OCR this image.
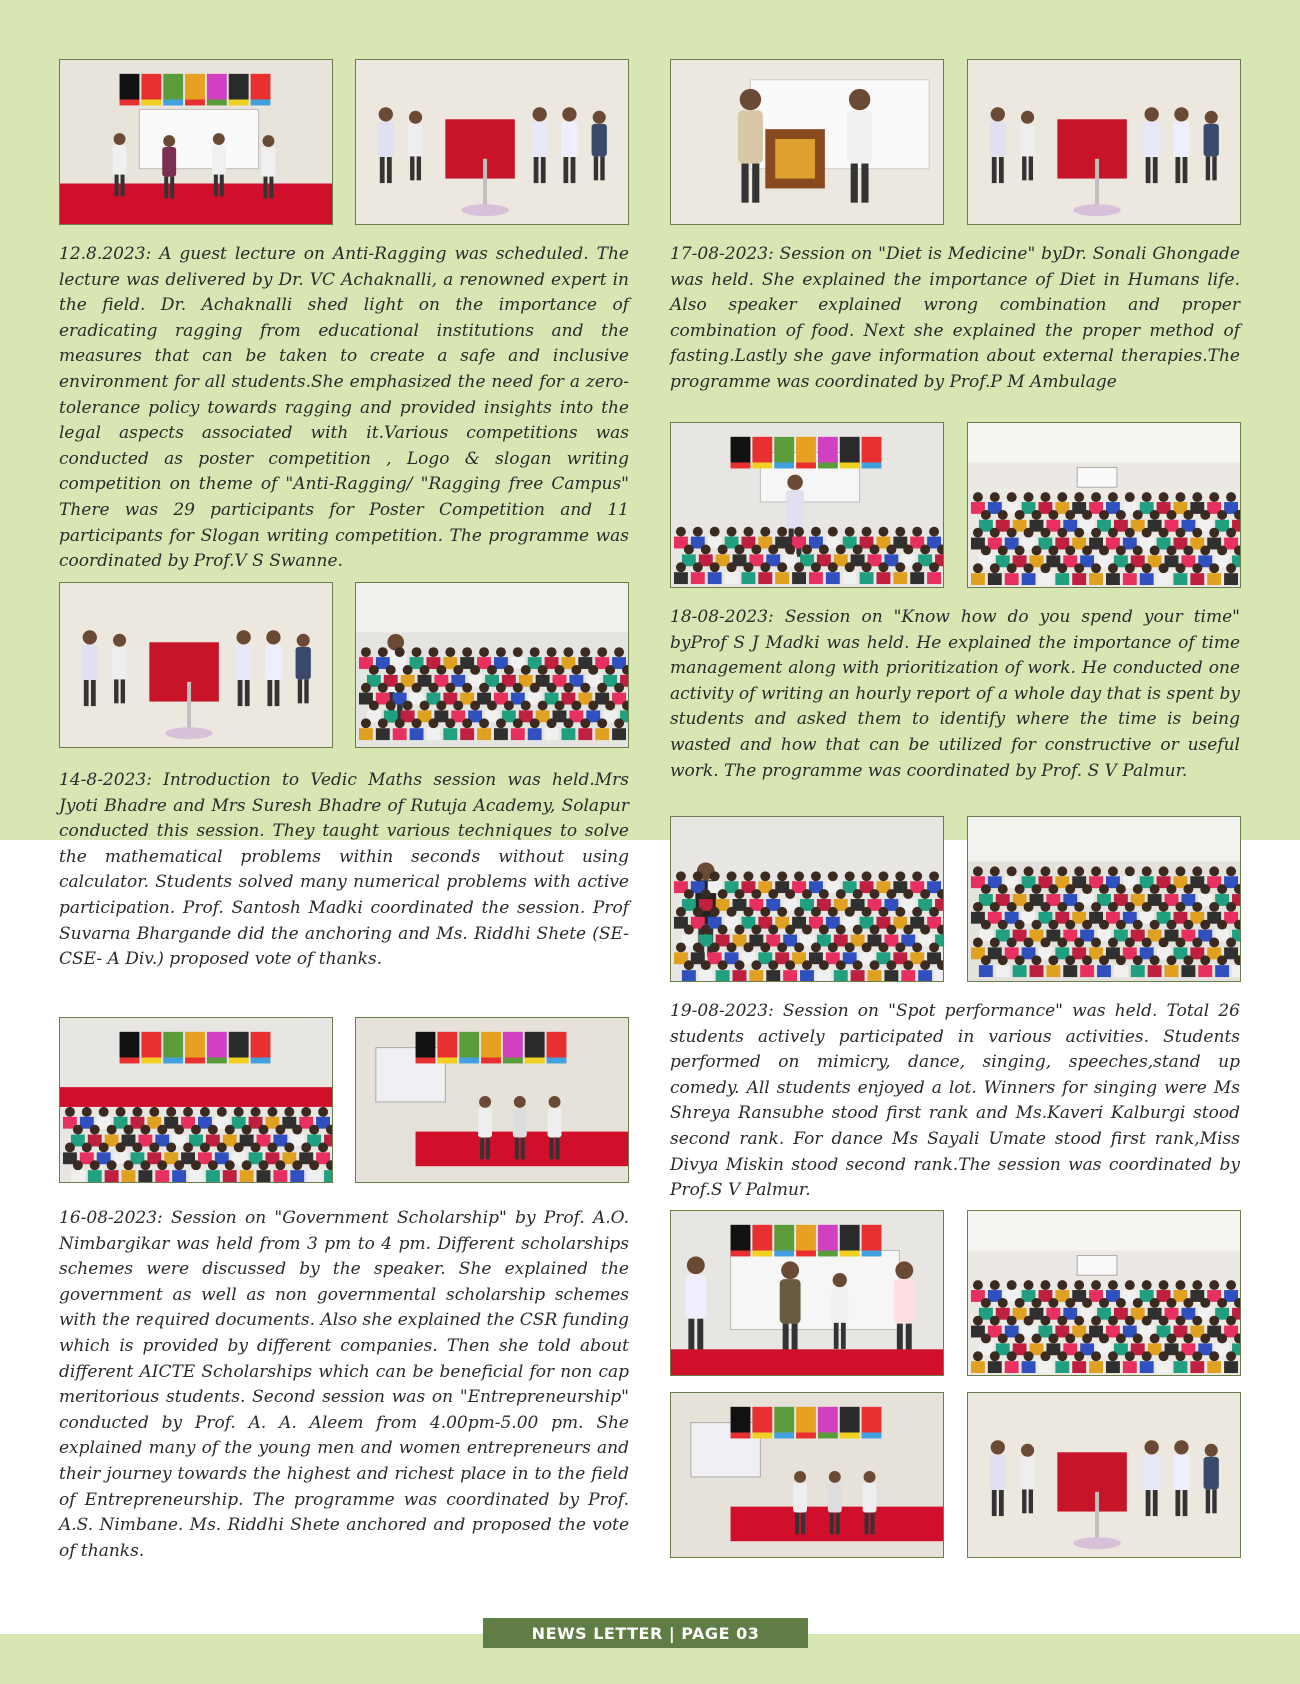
12.8.2023: A guest lecture on Anti-Ragging was scheduled. The lecture was delivered by Dr. VC Achaknalli, a renowned expert in the field. Dr. Achaknalli shed light on the importance of eradicating ragging from educational institutions and the measures that can be taken to create a safe and inclusive environment for all students.She emphasized the need for a zero-tolerance policy towards ragging and provided insights into the legal aspects associated with it.Various competitions was conducted as poster competition , Logo & slogan writing competition on theme of "Anti-Ragging/ "Ragging free Campus" There was 29 participants for Poster Competition and 11 participants for Slogan writing competition. The programme was coordinated by Prof.V S Swanne.

14-8-2023: Introduction to Vedic Maths session was held.Mrs Jyoti Bhadre and Mrs Suresh Bhadre of Rutuja Academy, Solapur conducted this session. They taught various techniques to solve the mathematical problems within seconds without using calculator. Students solved many numerical problems with active participation. Prof. Santosh Madki coordinated the session. Prof Suvarna Bhargande did the anchoring and Ms. Riddhi Shete (SE-CSE- A Div.) proposed vote of thanks.

16-08-2023: Session on "Government Scholarship" by Prof. A.O. Nimbargikar was held from 3 pm to 4 pm. Different scholarships schemes were discussed by the speaker. She explained the government as well as non governmental scholarship schemes with the required documents. Also she explained the CSR funding which is provided by different companies. Then she told about different AICTE Scholarships which can be beneficial for non cap meritorious students. Second session was on "Entrepreneurship" conducted by Prof. A. A. Aleem from 4.00pm-5.00 pm. She explained many of the young men and women entrepreneurs and their journey towards the highest and richest place in to the field of Entrepreneurship. The programme was coordinated by Prof. A.S. Nimbane. Ms. Riddhi Shete anchored and proposed the vote of thanks.

17-08-2023: Session on "Diet is Medicine" byDr. Sonali Ghongade was held. She explained the importance of Diet in Humans life. Also speaker explained wrong combination and proper combination of food. Next she explained the proper method of fasting.Lastly she gave information about external therapies.The programme was coordinated by Prof.P M Ambulage

18-08-2023: Session on "Know how do you spend your time" byProf S J Madki was held. He explained the importance of time management along with prioritization of work. He conducted one activity of writing an hourly report of a whole day that is spent by students and asked them to identify where the time is being wasted and how that can be utilized for constructive or useful work. The programme was coordinated by Prof. S V Palmur.

19-08-2023: Session on "Spot performance" was held. Total 26 students actively participated in various activities. Students performed on mimicry, dance, singing, speeches,stand up comedy. All students enjoyed a lot. Winners for singing were Ms Shreya Ransubhe stood first rank and Ms.Kaveri Kalburgi stood second rank. For dance Ms Sayali Umate stood first rank,Miss Divya Miskin stood second rank.The session was coordinated by Prof.S V Palmur.

NEWS LETTER | PAGE 03
